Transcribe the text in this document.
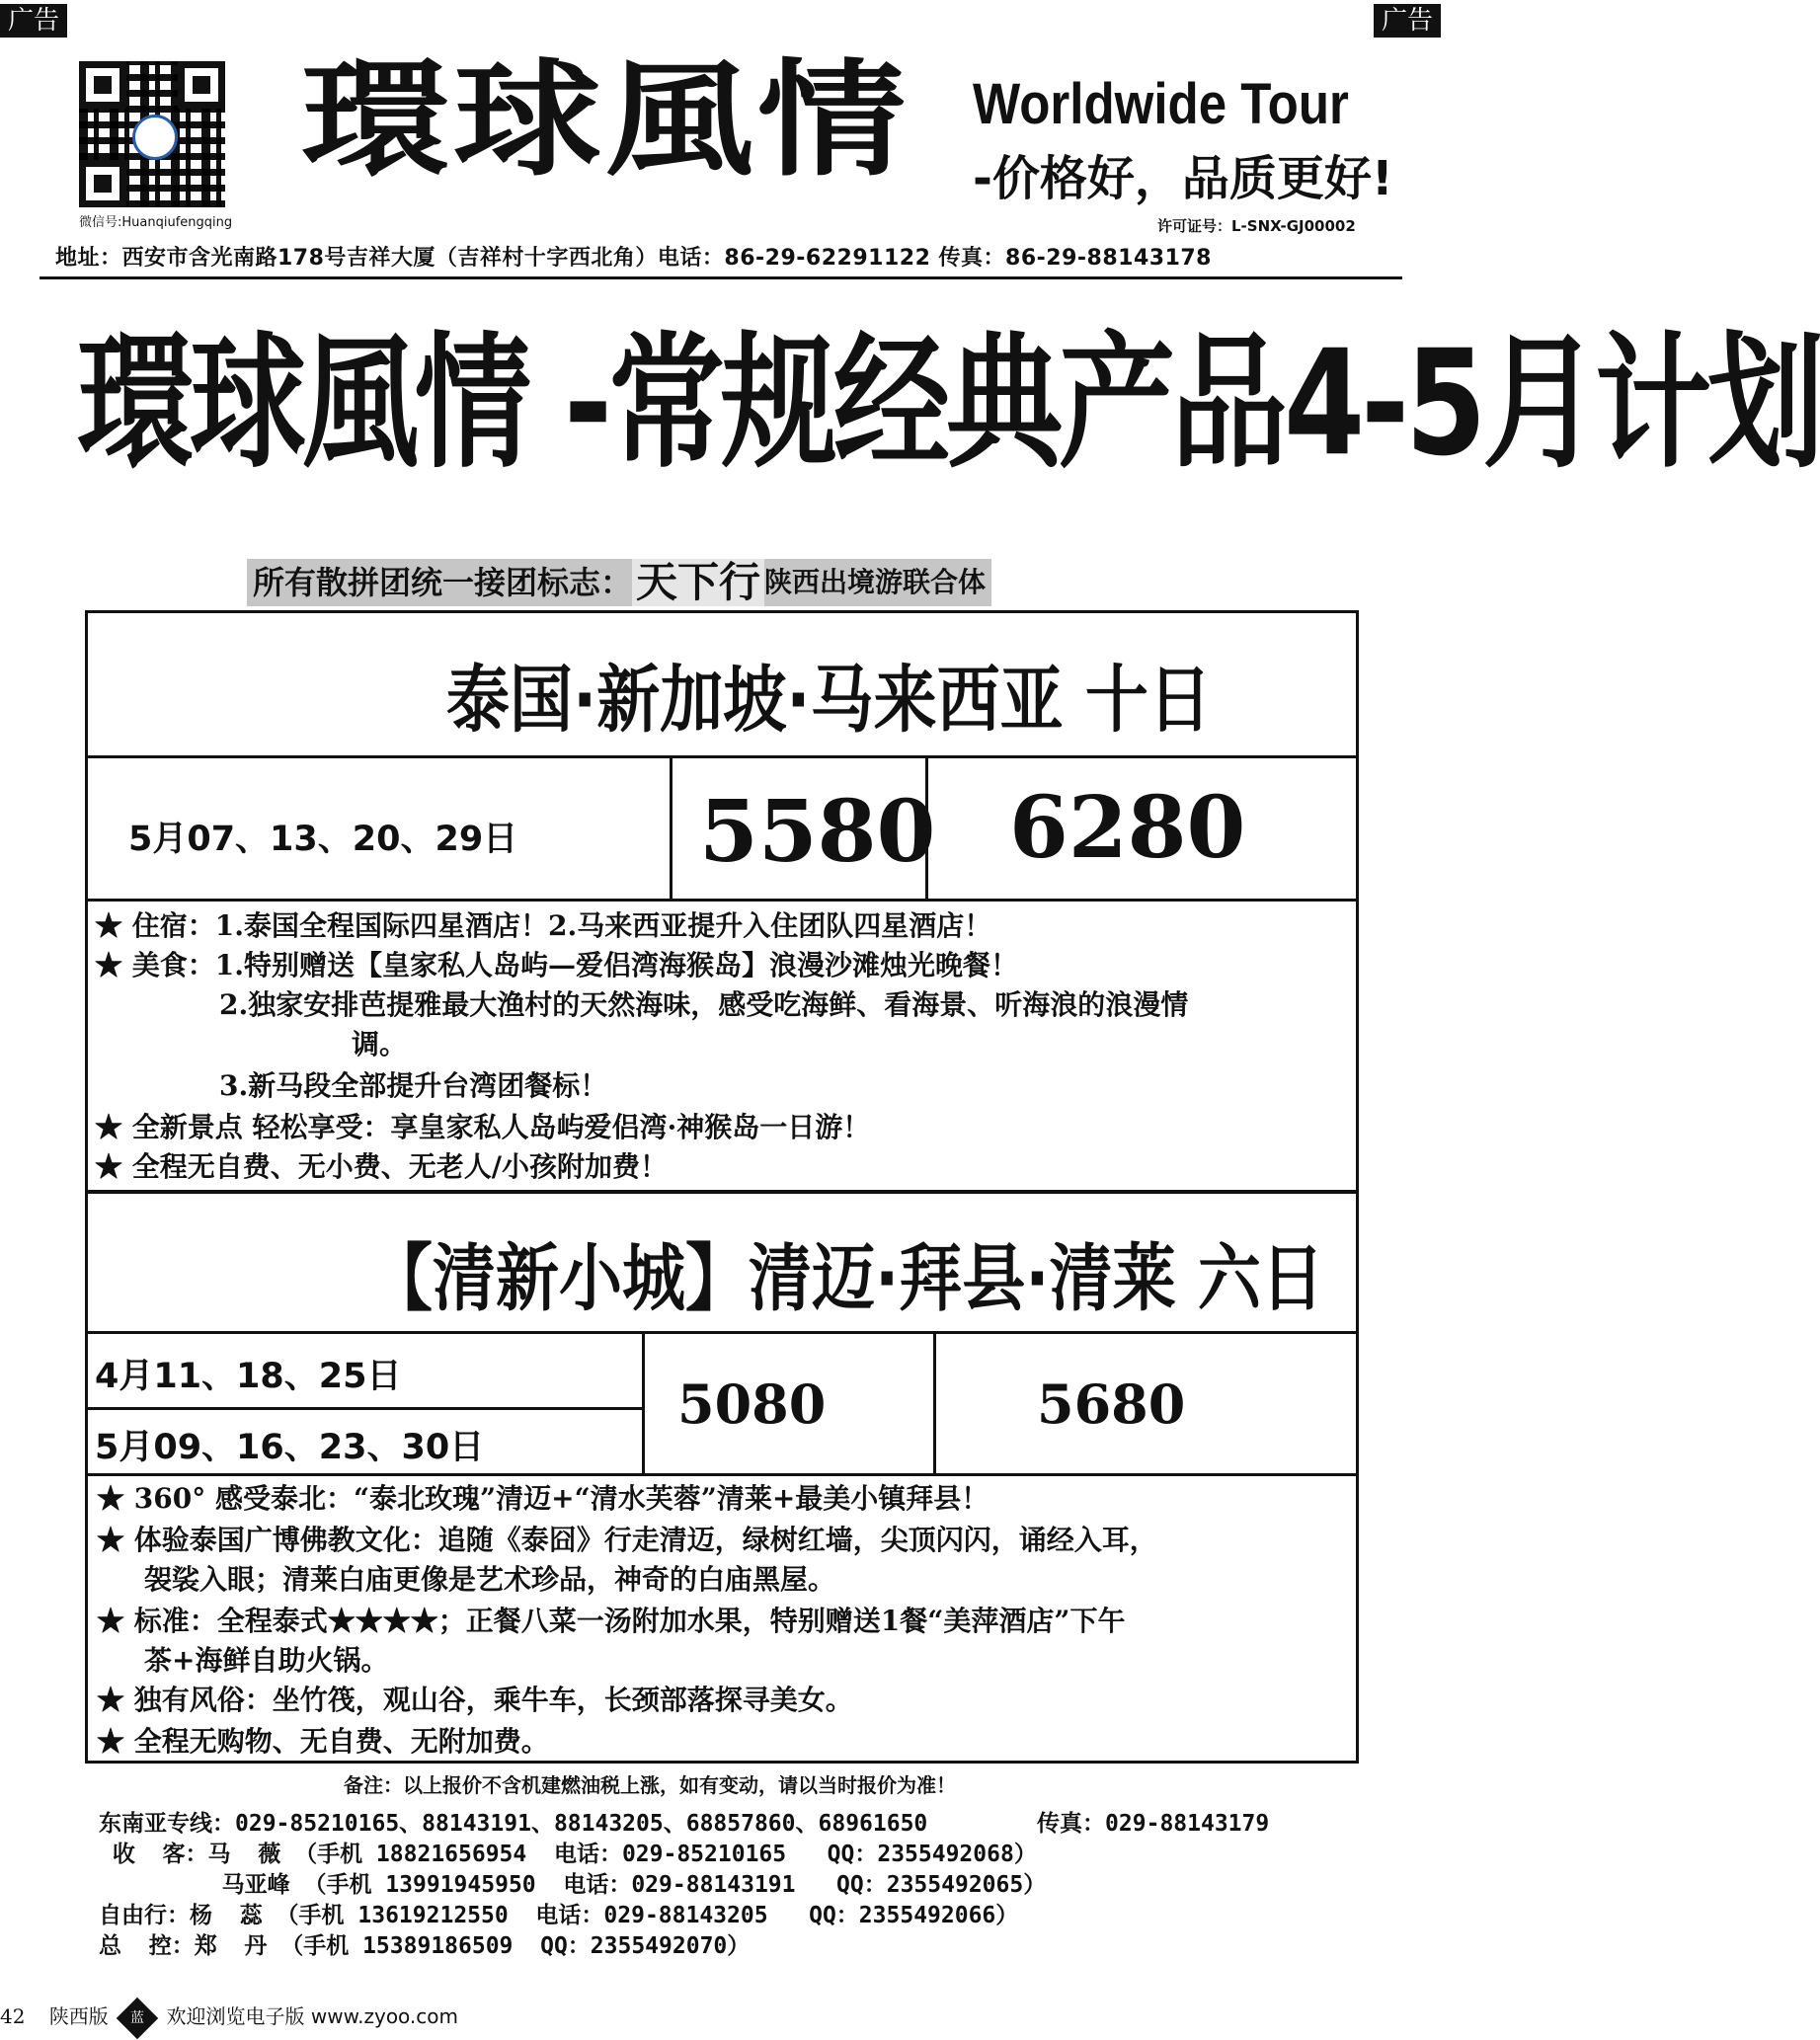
广告	广告
微信号:Huanqiufengqing
環球風情 Worldwide Tour
-价格好，品质更好!
许可证号：L-SNX-GJ00002
地址：西安市含光南路178号吉祥大厦（吉祥村十字西北角）电话：86-29-62291122 传真：86-29-88143178
環球風情 -常规经典产品4-5月计划
所有散拼团统一接团标志：天下行 陕西出境游联合体
泰国·新加坡·马来西亚 十日
5月07、13、20、29日 5580 6280
★ 住宿：1.泰国全程国际四星酒店！2.马来西亚提升入住团队四星酒店！
★ 美食：1.特别赠送【皇家私人岛屿—爱侣湾海猴岛】浪漫沙滩烛光晚餐！
2.独家安排芭提雅最大渔村的天然海味，感受吃海鲜、看海景、听海浪的浪漫情
调。
3.新马段全部提升台湾团餐标！
★ 全新景点 轻松享受：享皇家私人岛屿爱侣湾·神猴岛一日游！
★ 全程无自费、无小费、无老人/小孩附加费！
【清新小城】清迈·拜县·清莱 六日
4月11、18、25日
5月09、16、23、30日
5080	5680
★ 360° 感受泰北：“泰北玫瑰”清迈+“清水芙蓉”清莱+最美小镇拜县！
★ 体验泰国广博佛教文化：追随《泰囧》行走清迈，绿树红墙，尖顶闪闪，诵经入耳，
袈裟入眼；清莱白庙更像是艺术珍品，神奇的白庙黑屋。
★ 标准：全程泰式★★★★；正餐八菜一汤附加水果，特别赠送1餐“美萍酒店”下午
茶+海鲜自助火锅。
★ 独有风俗：坐竹筏，观山谷，乘牛车，长颈部落探寻美女。
★ 全程无购物、无自费、无附加费。
备注：以上报价不含机建燃油税上涨，如有变动，请以当时报价为准！
东南亚专线：029-85210165、88143191、88143205、68857860、68961650        传真：029-88143179
收  客：马  薇 （手机 18821656954  电话：029-85210165   QQ：2355492068）
马亚峰 （手机 13991945950  电话：029-88143191   QQ：2355492065）
自由行：杨  蕊 （手机 13619212550  电话：029-88143205   QQ：2355492066）
总  控：郑  丹 （手机 15389186509  QQ：2355492070）
42 陕西版 蓝 欢迎浏览电子版 www.zyoo.com
